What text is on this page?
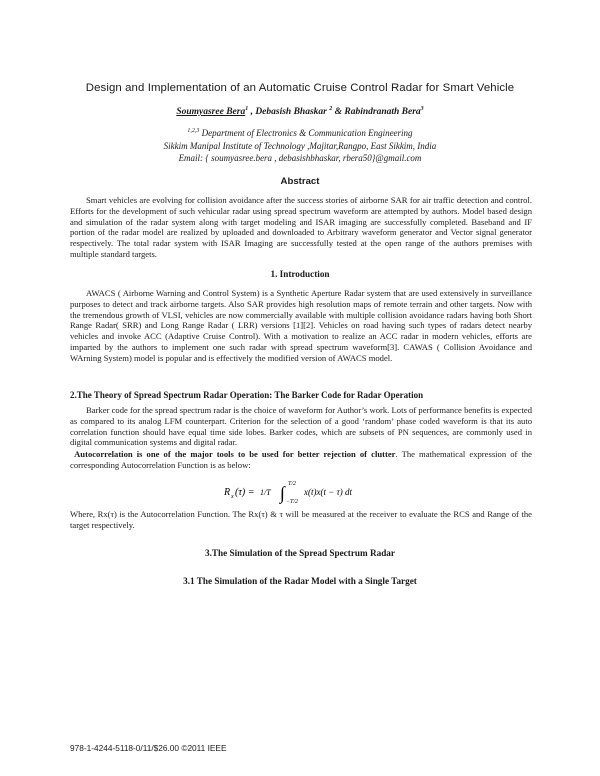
Design and Implementation of an Automatic Cruise Control Radar for Smart Vehicle
Soumyasree Bera$^1$ , Debasish Bhaskar $^2$ & Rabindranath Bera$^3$
$^{1,2,3}$ Department of Electronics & Communication Engineering
Sikkim Manipal Institute of Technology ,Majitar,Rangpo, East Sikkim, India
Email: { soumyasree.bera , debasishbhaskar, rbera50}@gmail.com
Abstract

Smart vehicles are evolving for collision avoidance after the success stories of airborne SAR for air traffic detection and control. Efforts for the development of such vehicular radar using spread spectrum waveform are attempted by authors. Model based design and simulation of the radar system along with target modeling and ISAR imaging are successfully completed. Baseband and IF portion of the radar model are realized by uploaded and downloaded to Arbitrary waveform generator and Vector signal generator respectively. The total radar system with ISAR Imaging are successfully tested at the open range of the authors premises with multiple standard targets.

1. Introduction

AWACS ( Airborne Warning and Control System) is a Synthetic Aperture Radar system that are used extensively in surveillance purposes to detect and track airborne targets. Also SAR provides high resolution maps of remote terrain and other targets. Now with the tremendous growth of VLSI, vehicles are now commercially available with multiple collision avoidance radars having both Short Range Radar( SRR) and Long Range Radar ( LRR) versions [1][2]. Vehicles on road having such types of radars detect nearby vehicles and invoke ACC (Adaptive Cruise Control). With a motivation to realize an ACC radar in modern vehicles, efforts are imparted by the authors to implement one such radar with spread spectrum waveform[3]. CAWAS ( Collision Avoidance and WArning System) model is popular and is effectively the modified version of AWACS model.

2.The Theory of Spread Spectrum Radar Operation: The Barker Code for Radar Operation

Barker code for the spread spectrum radar is the choice of waveform for Author’s work. Lots of performance benefits is expected as compared to its analog LFM counterpart. Criterion for the selection of a good ‘random’ phase coded waveform is that its auto correlation function should have equal time side lobes. Barker codes, which are subsets of PN sequences, are commonly used in digital communication systems and digital radar.

Autocorrelation is one of the major tools to be used for better rejection of clutter. The mathematical expression of the corresponding Autocorrelation Function is as below:

R x (τ) = 1/T ∫ T/2
−T/2
x(t)x(t − τ) dt

Where, Rx(τ) is the Autocorrelation Function. The Rx(τ) & τ will be measured at the receiver to evaluate the RCS and Range of the target respectively.

3.The Simulation of the Spread Spectrum Radar
3.1 The Simulation of the Radar Model with a Single Target
978-1-4244-5118-0/11/$26.00 ©2011 IEEE
